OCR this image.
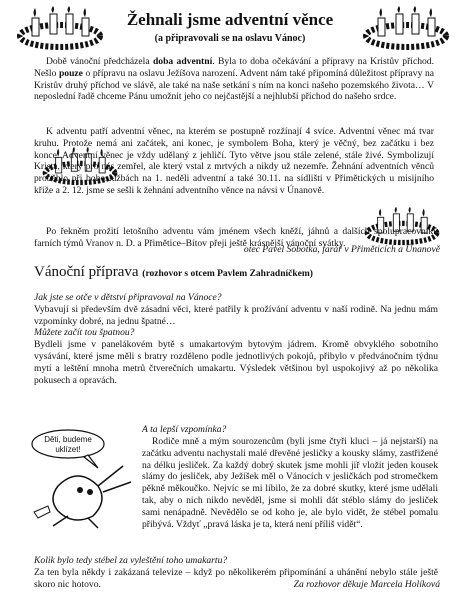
Žehnali jsme adventní věnce
(a připravovali se na oslavu Vánoc)
Době vánoční předcházela doba adventní. Byla to doba očekávání a přípravy na Kristův příchod. Nešlo pouze o přípravu na oslavu Ježíšova narození. Advent nám také připomíná důležitost přípravy na Kristův druhý příchod ve slávě, ale také na naše setkání s ním na konci našeho pozemského života… V neposlední řadě chceme Pánu umožnit jeho co nejčastější a nejhlubší příchod do našeho srdce.
K adventu patří adventní věnec, na kterém se postupně rozžínají 4 svíce. Adventní věnec má tvar kruhu. Protože nemá ani začátek, ani konec, je symbolem Boha, který je věčný, bez začátku i bez konce. Adventní věnec je vždy udělaný z jehličí. Tyto větve jsou stále zelené, stále živé. Symbolizují Krista, který pro nás zemřel, ale který vstal z mrtvých a nikdy už nezemře. Žehnání adventních věnců proběhlo při bohoslužbách na 1. neděli adventní a také 30.11. na sídlišti v Přimětických u misijního kříže a 2. 12. jsme se sešli k žehnání adventního věnce na návsi v Únanově.
Po řekněm prožití letošního adventu vám jménem všech kněží, jáhnů a dalších spolupracovníků farních týmů Vranov n. D. a Přimětice–Bítov přeji ještě krásnější vánoční svátky.
otec Pavel Sobotka, farář v Přiměticích a Únanově
Vánoční příprava (rozhovor s otcem Pavlem Zahradníčkem)
Jak jste se otče v dětství připravoval na Vánoce?
Vybavují si především dvě zásadní věci, které patřily k prožívání adventu v naší rodině. Na jednu mám vzpomínky dobré, na jednu špatné…
Můžete začít tou špatnou?
Bydleli jsme v panelákovém bytě s umakartovým bytovým jádrem. Kromě obvyklého sobotního vysávání, které jsme měli s bratry rozděleno podle jednotlivých pokojů, přibylo v předvánočním týdnu mytí a leštění mnoha metrů čtverečních umakartu. Výsledek většinou byl uspokojivý až po několika pokusech a opravách.
Děti, budeme
uklízet!
A ta lepší vzpomínka?
Rodiče mně a mým sourozencům (byli jsme čtyři kluci – já nejstarší) na začátku adventu nachystali malé dřevěné jesličky a kousky slámy, zastřižené na délku jesliček. Za každý dobrý skutek jsme mohli jiř vložit jeden kousek slámy do jesliček, aby Ježíšek měl o Vánocích v jesličkách pod stromečkem pěkně měkoučko. Nejvíc se mi líbilo, že za dobré skutky, které jsme udělali tak, aby o nich nikdo nevěděl, jsme si mohli dát stéblo slámy do jesliček sami nenápadně. Nevědělo se od koho je, ale bylo vidět, že stébel pomalu přibývá. Vždyť „pravá láska je ta, která není příliš vidět“.
Kolik bylo tedy stébel za vyleštění toho umakartu?
Za ten byla někdy i zakázaná televize – když po několikerém připomínání a uhánění nebylo stále ještě skoro nic hotovo.	Za rozhovor děkuje Marcela Holíková
